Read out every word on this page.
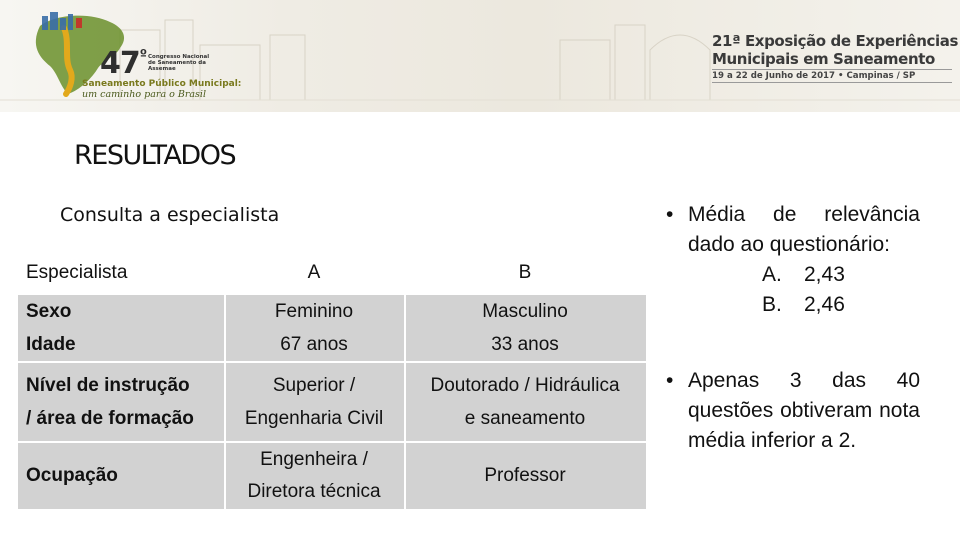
$47^º$ Congresso Nacional de Saneamento da Assemae
Saneamento Público Municipal:
um caminho para o Brasil
21ª Exposição de Experiências
Municipais em Saneamento
19 a 22 de Junho de 2017 • Campinas / SP
RESULTADOS
Consulta a especialista
Especialista	A	B
Sexo
Idade
Feminino
67 anos
Masculino
33 anos
Nível de instrução
/ área de formação
Superior /
Engenharia Civil
Doutorado / Hidráulica
e saneamento
Ocupação
Engenheira /
Diretora técnica
Professor
• Média de relevância
dado ao questionário:
A. 2,43
B. 2,46
• Apenas 3 das 40 questões obtiveram nota média inferior a 2.
